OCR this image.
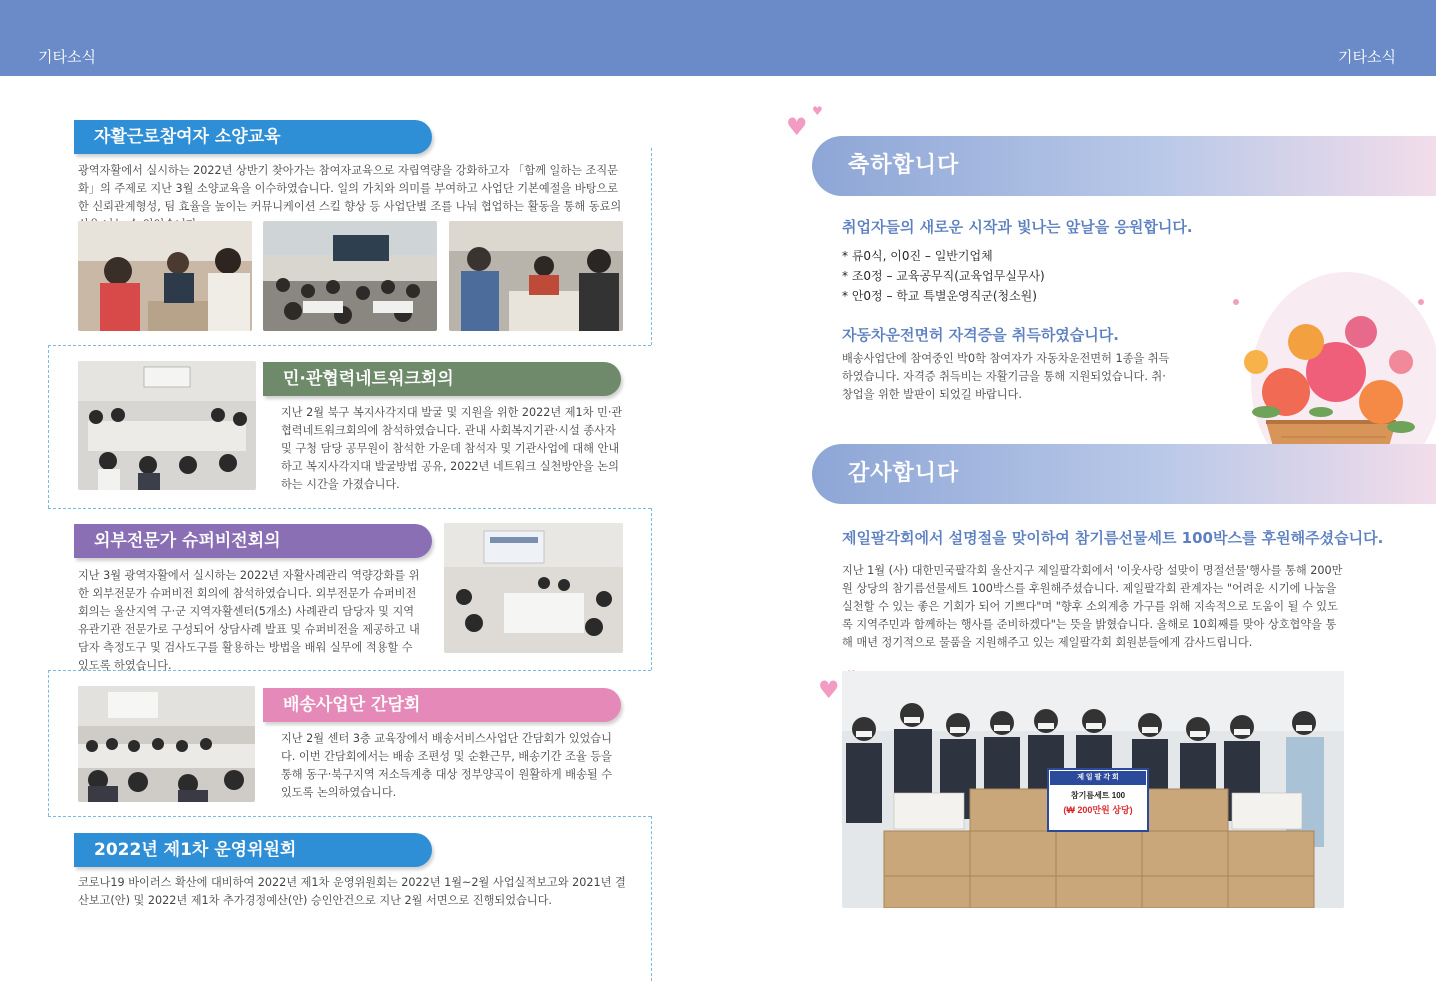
기타소식	기타소식
자활근로참여자 소양교육

광역자활에서 실시하는 2022년 상반기 찾아가는 참여자교육으로 자립역량을 강화하고자 「함께 일하는 조직문화」의 주제로 지난 3월 소양교육을 이수하였습니다. 일의 가치와 의미를 부여하고 사업단 기본예절을 바탕으로 한 신뢰관계형성, 팀 효율을 높이는 커뮤니케이션 스킬 향상 등 사업단별 조를 나눠 협업하는 활동을 통해 동료의

민·관협력네트워크회의

지난 2월 북구 복지사각지대 발굴 및 지원을 위한 2022년 제1차 민·관협력네트워크회의에 참석하였습니다. 관내 사회복지기관·시설 종사자 및 구청 담당 공무원이 참석한 가운데 참석자 및 기관사업에 대해 안내하고 복지사각지대 발굴방법 공유, 2022년 네트워크 실천방안을 논의하는 시간을 가졌습니다.

외부전문가 슈퍼비전회의

지난 3월 광역자활에서 실시하는 2022년 자활사례관리 역량강화를 위한 외부전문가 슈퍼비전 회의에 참석하였습니다. 외부전문가 슈퍼비전회의는 울산지역 구·군 지역자활센터(5개소) 사례관리 담당자 및 지역유관기관 전문가로 구성되어 상담사례 발표 및 슈퍼비전을 제공하고 내담자 측정도구 및 검사도구를 활용하는 방법을 배워 실무에 적용할 수 있도록 하였습니다.

배송사업단 간담회

지난 2월 센터 3층 교육장에서 배송서비스사업단 간담회가 있었습니다. 이번 간담회에서는 배송 조편성 및 순환근무, 배송기간 조율 등을 통해 동구·북구지역 저소득계층 대상 정부양곡이 원활하게 배송될 수 있도록 논의하였습니다.

2022년 제1차 운영위원회

코로나19 바이러스 확산에 대비하여 2022년 제1차 운영위원회는 2022년 1월~2월 사업실적보고와 2021년 결산보고(안) 및 2022년 제1차 추가경정예산(안) 승인안건으로 지난 2월 서면으로 진행되었습니다.

♥
♥
축하합니다
취업자들의 새로운 시작과 빛나는 앞날을 응원합니다.
* 류0식, 이0진 – 일반기업체
* 조0정 – 교육공무직(교육업무실무사)
* 안0정 – 학교 특별운영직군(청소원)
자동차운전면허 자격증을 취득하였습니다.

배송사업단에 참여중인 박0학 참여자가 자동차운전면허 1종을 취득하였습니다. 자격증 취득비는 자활기금을 통해 지원되었습니다. 취·창업을 위한 발판이 되었길 바랍니다.

감사합니다
제일팔각회에서 설명절을 맞이하여 참기름선물세트 100박스를 후원해주셨습니다.

지난 1월 (사) 대한민국팔각회 울산지구 제일팔각회에서 '이웃사랑 설맞이 명절선물'행사를 통해 200만원 상당의 참기름선물세트 100박스를 후원해주셨습니다. 제일팔각회 관계자는 "어려운 시기에 나눔을 실천할 수 있는 좋은 기회가 되어 기쁘다"며 "향후 소외계층 가구를 위해 지속적으로 도움이 될 수 있도록 지역주민과 함께하는 행사를 준비하겠다"는 뜻을 밝혔습니다. 올해로 10회째를 맞아 상호협약을 통해 매년 정기적으로 물품을 지원해주고 있는 제일팔각회 회원분들에게 감사드립니다.

♥
제 일 팔 각 회
참기름세트 100
(₩ 200만원 상당)
